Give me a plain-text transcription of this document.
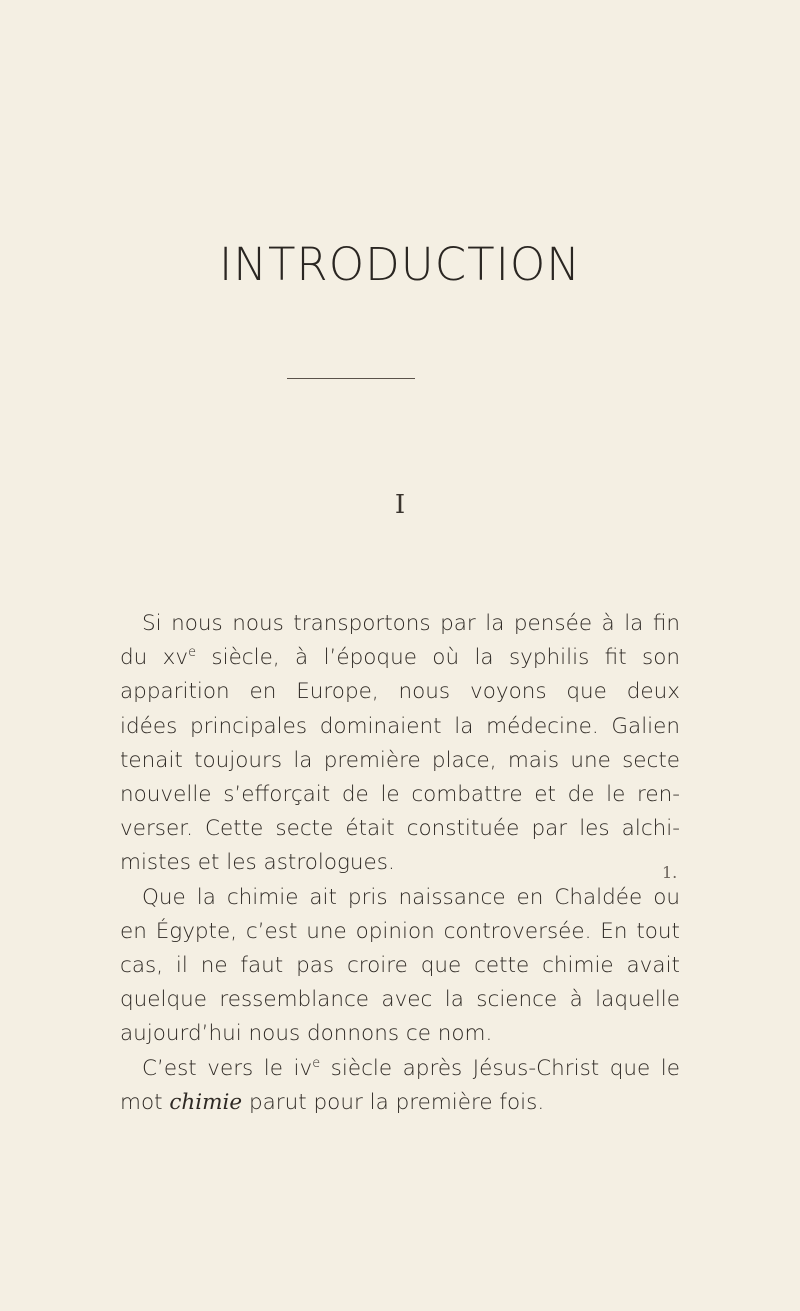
INTRODUCTION
I
Si nous nous transportons par la pensée à la fin
du $xv^e$ siècle, à l’époque où la syphilis fit son
apparition en Europe, nous voyons que deux
idées principales dominaient la médecine. Galien
tenait toujours la première place, mais une secte
nouvelle s’efforçait de le combattre et de le ren-
verser. Cette secte était constituée par les alchi-
mistes et les astrologues.
Que la chimie ait pris naissance en Chaldée ou
en Égypte, c’est une opinion controversée. En tout
cas, il ne faut pas croire que cette chimie avait
quelque ressemblance avec la science à laquelle
aujourd’hui nous donnons ce nom.
C’est vers le $iv^e$ siècle après Jésus-Christ que le
mot chimie parut pour la première fois.
1.
